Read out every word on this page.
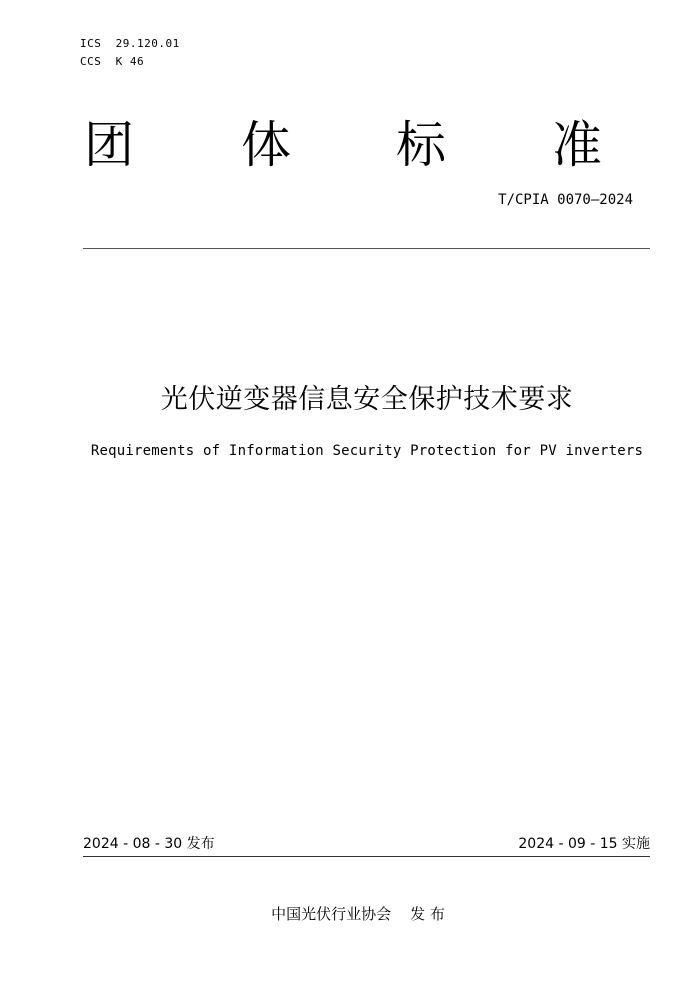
ICS  29.120.01
CCS  K 46
团 体 标 准
T/CPIA 0070—2024
光伏逆变器信息安全保护技术要求
Requirements of Information Security Protection for PV inverters
2024 - 08 - 30 发布	2024 - 09 - 15 实施
中国光伏行业协会    发 布
